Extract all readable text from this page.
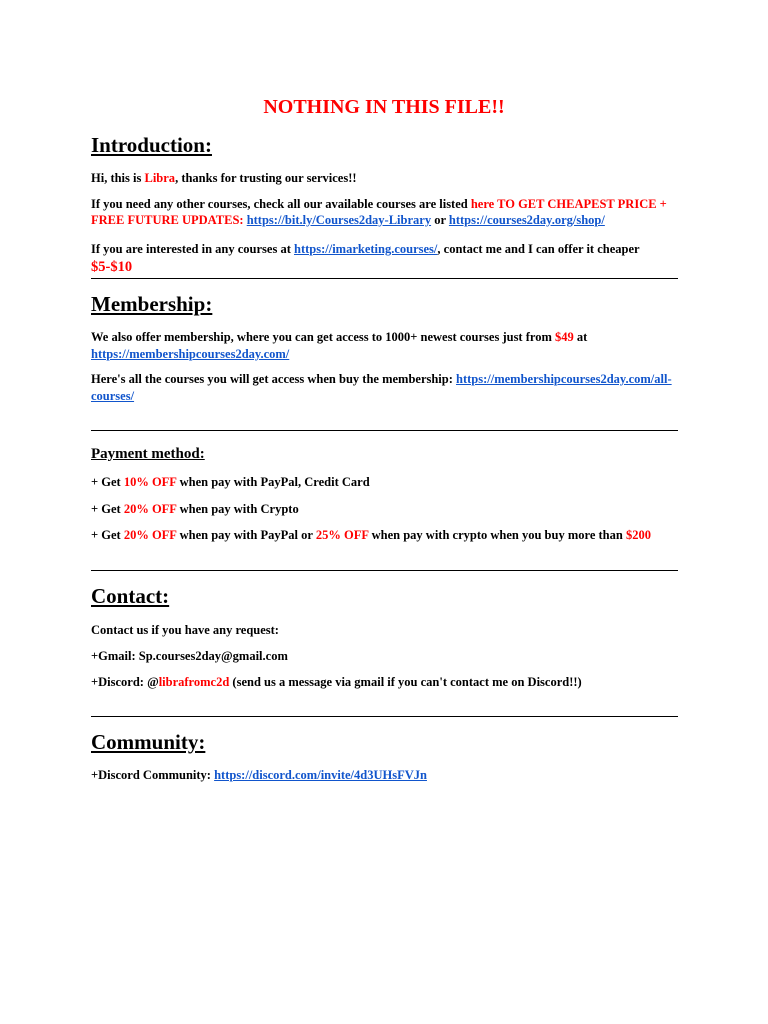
NOTHING IN THIS FILE!!
Introduction:

Hi, this is Libra, thanks for trusting our services!!

If you need any other courses, check all our available courses are listed here TO GET CHEAPEST PRICE + FREE FUTURE UPDATES: https://bit.ly/Courses2day-Library or https://courses2day.org/shop/

If you are interested in any courses at https://imarketing.courses/, contact me and I can offer it cheaper $5-$10

Membership:

We also offer membership, where you can get access to 1000+ newest courses just from $49 at
https://membershipcourses2day.com/

Here's all the courses you will get access when buy the membership: https://membershipcourses2day.com/all-courses/

Payment method:

+ Get 10% OFF when pay with PayPal, Credit Card

+ Get 20% OFF when pay with Crypto

+ Get 20% OFF when pay with PayPal or 25% OFF when pay with crypto when you buy more than $200

Contact:

Contact us if you have any request:

+Gmail: Sp.courses2day@gmail.com

+Discord: @librafromc2d (send us a message via gmail if you can't contact me on Discord!!)

Community:

+Discord Community: https://discord.com/invite/4d3UHsFVJn
